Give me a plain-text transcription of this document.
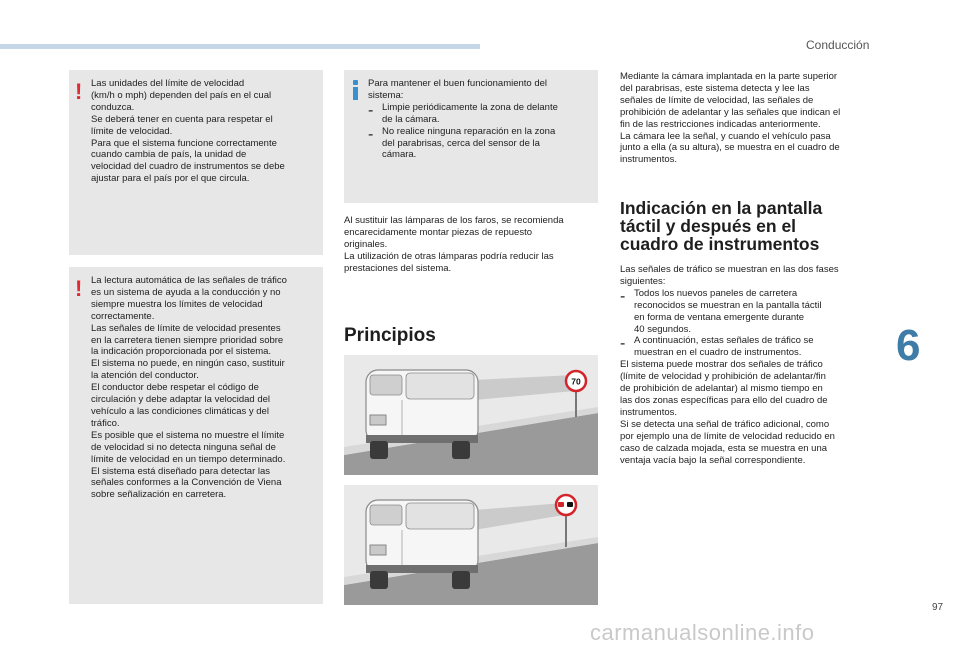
Conducción
6
97
carmanualsonline.info
! Las unidades del límite de velocidad

(km/h o mph) dependen del país en el cual

conduzca.

Se deberá tener en cuenta para respetar el

límite de velocidad.

Para que el sistema funcione correctamente

cuando cambia de país, la unidad de

velocidad del cuadro de instrumentos se debe

ajustar para el país por el que circula.

! La lectura automática de las señales de tráfico

es un sistema de ayuda a la conducción y no

siempre muestra los límites de velocidad

correctamente.

Las señales de límite de velocidad presentes

en la carretera tienen siempre prioridad sobre

la indicación proporcionada por el sistema.

El sistema no puede, en ningún caso, sustituir

la atención del conductor.

El conductor debe respetar el código de

circulación y debe adaptar la velocidad del

vehículo a las condiciones climáticas y del

tráfico.

Es posible que el sistema no muestre el límite

de velocidad si no detecta ninguna señal de

límite de velocidad en un tiempo determinado.

El sistema está diseñado para detectar las

señales conformes a la Convención de Viena

sobre señalización en carretera.

Para mantener el buen funcionamiento del

sistema:

- Limpie periódicamente la zona de delante

de la cámara.

- No realice ninguna reparación en la zona

del parabrisas, cerca del sensor de la

cámara.

Al sustituir las lámparas de los faros, se recomienda

encarecidamente montar piezas de repuesto

originales.

La utilización de otras lámparas podría reducir las

prestaciones del sistema.

Principios
70

Mediante la cámara implantada en la parte superior

del parabrisas, este sistema detecta y lee las

señales de límite de velocidad, las señales de

prohibición de adelantar y las señales que indican el

fin de las restricciones indicadas anteriormente.

La cámara lee la señal, y cuando el vehículo pasa

junto a ella (a su altura), se muestra en el cuadro de

instrumentos.

Indicación en la pantalla
táctil y después en el
cuadro de instrumentos

Las señales de tráfico se muestran en las dos fases

siguientes:

- Todos los nuevos paneles de carretera

reconocidos se muestran en la pantalla táctil

en forma de ventana emergente durante

40 segundos.

- A continuación, estas señales de tráfico se

muestran en el cuadro de instrumentos.

El sistema puede mostrar dos señales de tráfico

(límite de velocidad y prohibición de adelantar/fin

de prohibición de adelantar) al mismo tiempo en

las dos zonas específicas para ello del cuadro de

instrumentos.

Si se detecta una señal de tráfico adicional, como

por ejemplo una de límite de velocidad reducido en

caso de calzada mojada, esta se muestra en una

ventaja vacía bajo la señal correspondiente.
